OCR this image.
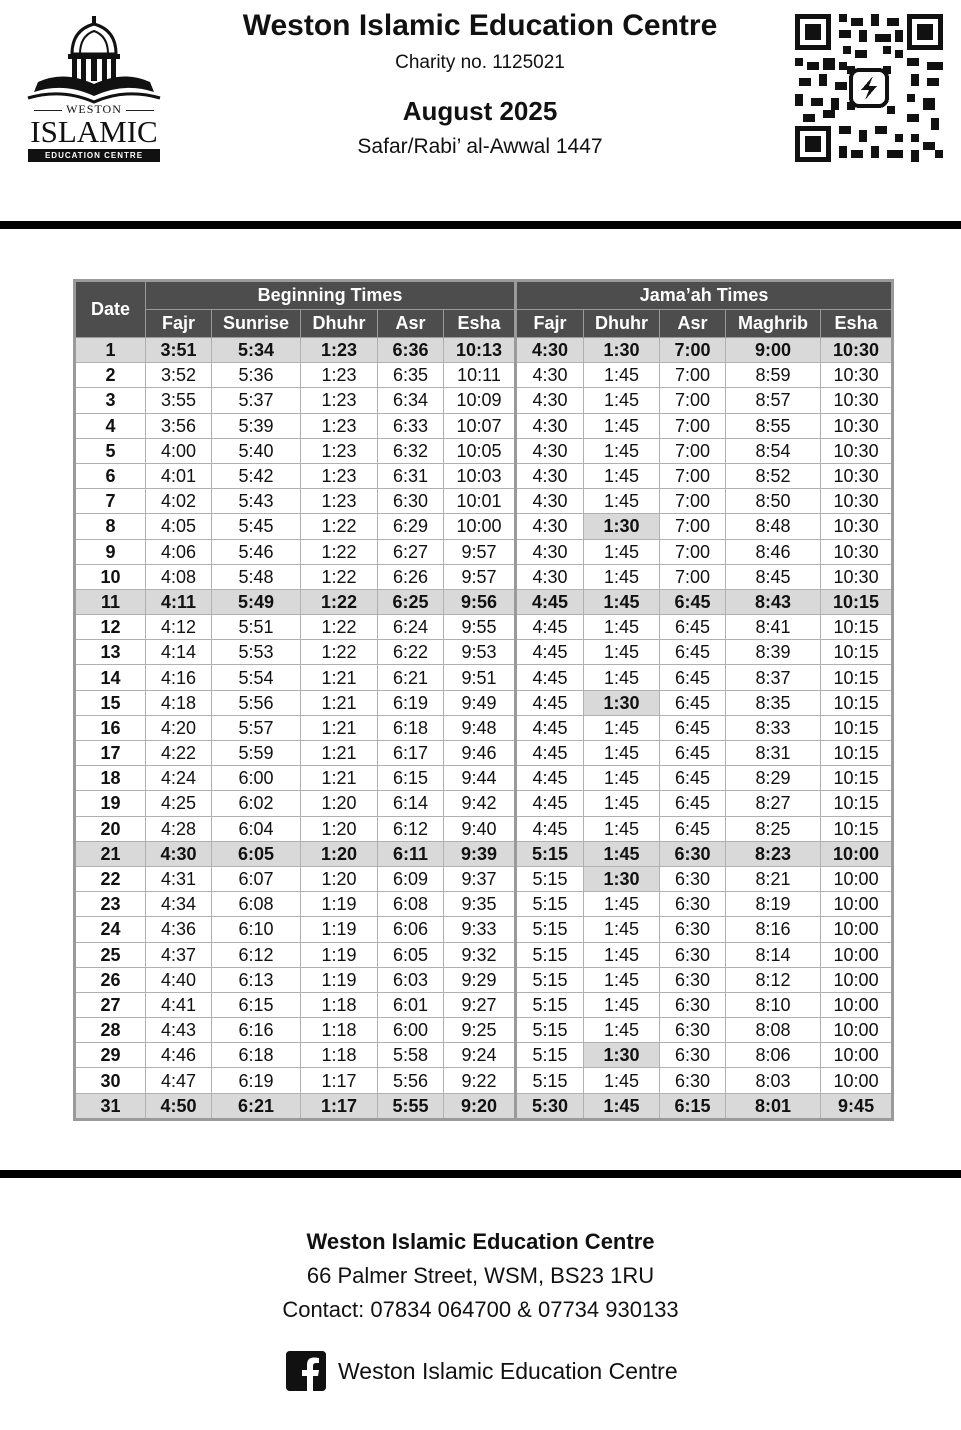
WESTON
ISLAMIC
EDUCATION CENTRE
Weston Islamic Education Centre
Charity no. 1125021
August 2025
Safar/Rabi’ al-Awwal 1447
Date	Beginning Times					Jama’ah Times				
	Fajr	Sunrise	Dhuhr	Asr	Esha	Fajr	Dhuhr	Asr	Maghrib	Esha
1	3:51	5:34	1:23	6:36	10:13	4:30	1:30	7:00	9:00	10:30
2	3:52	5:36	1:23	6:35	10:11	4:30	1:45	7:00	8:59	10:30
3	3:55	5:37	1:23	6:34	10:09	4:30	1:45	7:00	8:57	10:30
4	3:56	5:39	1:23	6:33	10:07	4:30	1:45	7:00	8:55	10:30
5	4:00	5:40	1:23	6:32	10:05	4:30	1:45	7:00	8:54	10:30
6	4:01	5:42	1:23	6:31	10:03	4:30	1:45	7:00	8:52	10:30
7	4:02	5:43	1:23	6:30	10:01	4:30	1:45	7:00	8:50	10:30
8	4:05	5:45	1:22	6:29	10:00	4:30	1:30	7:00	8:48	10:30
9	4:06	5:46	1:22	6:27	9:57	4:30	1:45	7:00	8:46	10:30
10	4:08	5:48	1:22	6:26	9:57	4:30	1:45	7:00	8:45	10:30
11	4:11	5:49	1:22	6:25	9:56	4:45	1:45	6:45	8:43	10:15
12	4:12	5:51	1:22	6:24	9:55	4:45	1:45	6:45	8:41	10:15
13	4:14	5:53	1:22	6:22	9:53	4:45	1:45	6:45	8:39	10:15
14	4:16	5:54	1:21	6:21	9:51	4:45	1:45	6:45	8:37	10:15
15	4:18	5:56	1:21	6:19	9:49	4:45	1:30	6:45	8:35	10:15
16	4:20	5:57	1:21	6:18	9:48	4:45	1:45	6:45	8:33	10:15
17	4:22	5:59	1:21	6:17	9:46	4:45	1:45	6:45	8:31	10:15
18	4:24	6:00	1:21	6:15	9:44	4:45	1:45	6:45	8:29	10:15
19	4:25	6:02	1:20	6:14	9:42	4:45	1:45	6:45	8:27	10:15
20	4:28	6:04	1:20	6:12	9:40	4:45	1:45	6:45	8:25	10:15
21	4:30	6:05	1:20	6:11	9:39	5:15	1:45	6:30	8:23	10:00
22	4:31	6:07	1:20	6:09	9:37	5:15	1:30	6:30	8:21	10:00
23	4:34	6:08	1:19	6:08	9:35	5:15	1:45	6:30	8:19	10:00
24	4:36	6:10	1:19	6:06	9:33	5:15	1:45	6:30	8:16	10:00
25	4:37	6:12	1:19	6:05	9:32	5:15	1:45	6:30	8:14	10:00
26	4:40	6:13	1:19	6:03	9:29	5:15	1:45	6:30	8:12	10:00
27	4:41	6:15	1:18	6:01	9:27	5:15	1:45	6:30	8:10	10:00
28	4:43	6:16	1:18	6:00	9:25	5:15	1:45	6:30	8:08	10:00
29	4:46	6:18	1:18	5:58	9:24	5:15	1:30	6:30	8:06	10:00
30	4:47	6:19	1:17	5:56	9:22	5:15	1:45	6:30	8:03	10:00
31	4:50	6:21	1:17	5:55	9:20	5:30	1:45	6:15	8:01	9:45
Weston Islamic Education Centre
66 Palmer Street, WSM, BS23 1RU
Contact: 07834 064700 & 07734 930133
Weston Islamic Education Centre
